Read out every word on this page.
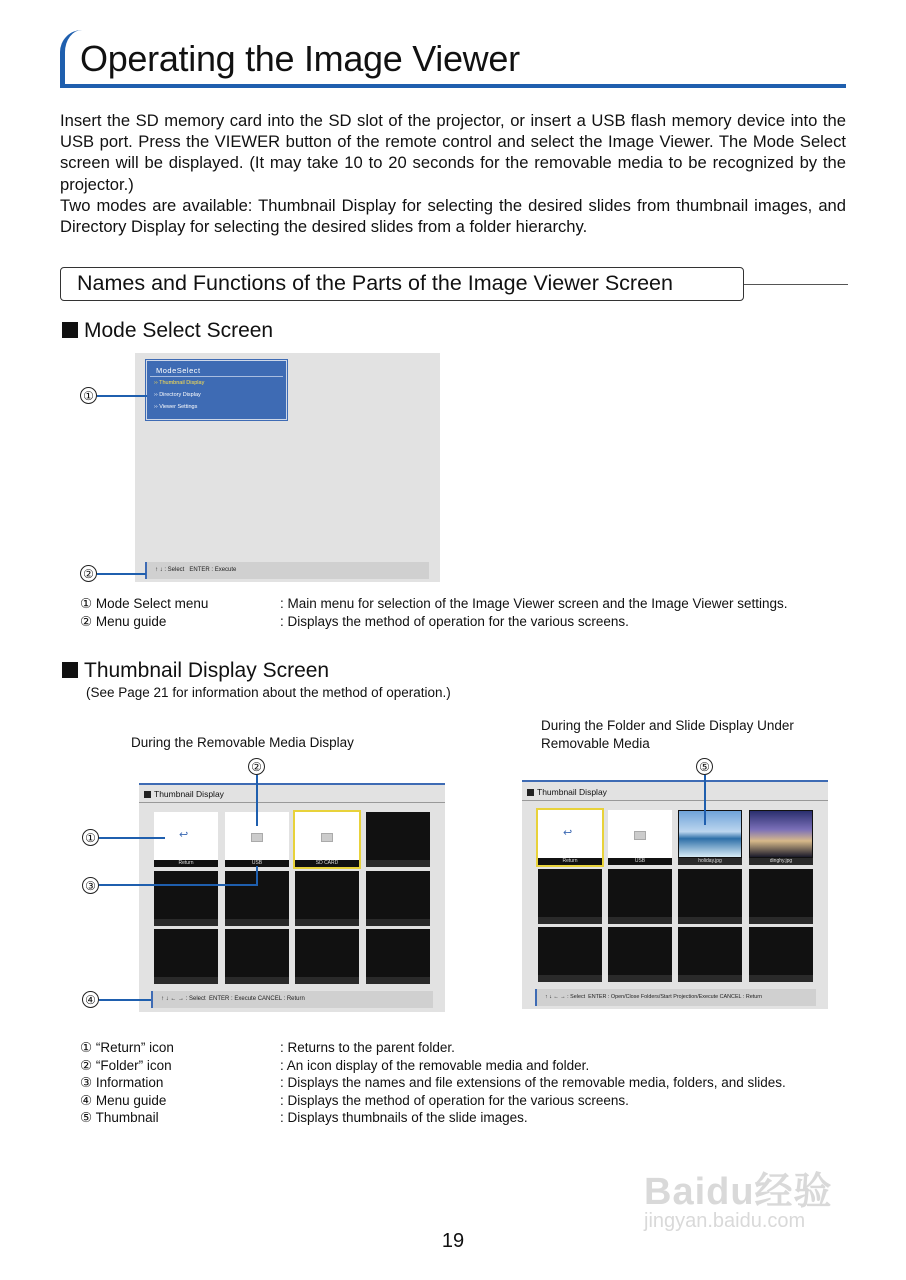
Operating the Image Viewer

Insert the SD memory card into the SD slot of the projector, or insert a USB flash memory device into the USB port. Press the VIEWER button of the remote control and select the Image Viewer. The Mode Select screen will be displayed. (It may take 10 to 20 seconds for the removable media to be recognized by the projector.)

Two modes are available: Thumbnail Display for selecting the desired slides from thumbnail images, and Directory Display for selecting the desired slides from a folder hierarchy.

Names and Functions of the Parts of the Image Viewer Screen
Mode Select Screen
ModeSelect
›› Thumbnail Display
›› Directory Display
›› Viewer Settings
↑ ↓ : Select ENTER : Execute
①
②
① Mode Select menu	: Main menu for selection of the Image Viewer screen and the Image Viewer settings.
② Menu guide	: Displays the method of operation for the various screens.
Thumbnail Display Screen
(See Page 21 for information about the method of operation.)
During the Removable Media Display
During the Folder and Slide Display Under
Removable Media
Thumbnail Display
↩
Return	USB	SD CARD
↑ ↓ ← → : Select ENTER : Execute CANCEL : Return
②
①
③
④
Thumbnail Display
↩
Return	USB	holiday.jpg	dinghy.jpg
↑ ↓ ← → : Select ENTER : Open/Close Folders/Start Projection/Execute CANCEL : Return
⑤
① “Return” icon	: Returns to the parent folder.
② “Folder” icon	: An icon display of the removable media and folder.
③ Information	: Displays the names and file extensions of the removable media, folders, and slides.
④ Menu guide	: Displays the method of operation for the various screens.
⑤ Thumbnail	: Displays thumbnails of the slide images.
Baidu经验
jingyan.baidu.com
19
